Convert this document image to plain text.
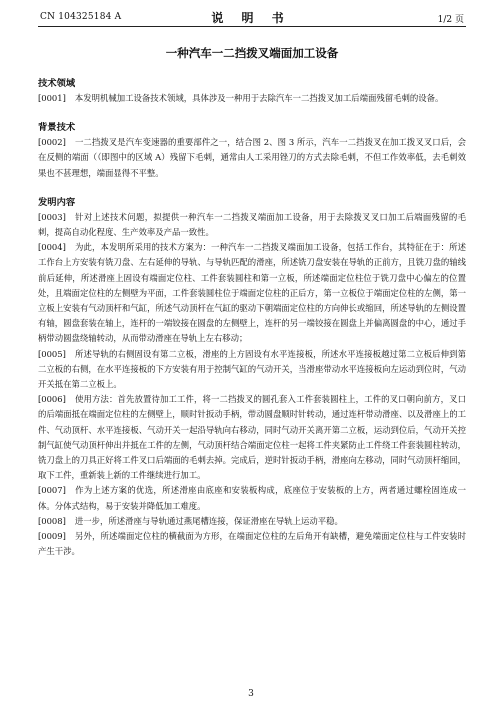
CN 104325184 A	说 明 书	1/2 页
一种汽车一二挡拨叉端面加工设备
技术领域

[0001] 本发明机械加工设备技术领域，具体涉及一种用于去除汽车一二挡拨叉加工后端面残留毛刺的设备。

背景技术

[0002] 一二挡拨叉是汽车变速器的重要部件之一，结合图 2、图 3 所示，汽车一二挡拨叉在加工拨叉叉口后，会在反侧的端面（（即图中的区域 A）残留下毛刺，通常由人工采用锉刀的方式去除毛刺，不但工作效率低，去毛刺效果也不甚理想，端面显得不平整。

发明内容

[0003] 针对上述技术问题，拟提供一种汽车一二挡拨叉端面加工设备，用于去除拨叉叉口加工后端面残留的毛刺，提高自动化程度、生产效率及产品一致性。

[0004] 为此，本发明所采用的技术方案为：一种汽车一二挡拨叉端面加工设备，包括工作台，其特征在于：所述工作台上方安装有铣刀盘、左右延伸的导轨、与导轨匹配的滑座，所述铣刀盘安装在导轨的正前方，且铣刀盘的轴线前后延伸，所述滑座上固设有端面定位柱、工件套装圆柱和第一立板，所述端面定位柱位于铣刀盘中心偏左的位置处，且端面定位柱的左侧壁为平面，工件套装圆柱位于端面定位柱的正后方，第一立板位于端面定位柱的左侧，第一立板上安装有气动顶杆和气缸，所述气动顶杆在气缸的驱动下朝端面定位柱的方向伸长或缩回，所述导轨的左侧设置有轴，圆盘套装在轴上，连杆的一端铰接在圆盘的左侧壁上，连杆的另一端铰接在圆盘上并偏离圆盘的中心，通过手柄带动圆盘绕轴转动，从而带动滑座在导轨上左右移动；

[0005] 所述导轨的右侧固设有第二立板，滑座的上方固设有水平连接板，所述水平连接板越过第二立板后伸到第二立板的右侧，在水平连接板的下方安装有用于控制气缸的气动开关，当滑座带动水平连接板向左运动到位时，气动开关抵在第二立板上。

[0006] 使用方法：首先放置待加工工件，将一二挡拨叉的圆孔套入工件套装圆柱上，工件的叉口朝向前方，叉口的后端面抵在端面定位柱的左侧壁上，顺时针扳动手柄，带动圆盘顺时针转动，通过连杆带动滑座、以及滑座上的工件、气动顶杆、水平连接板、气动开关一起沿导轨向右移动，同时气动开关离开第二立板，运动到位后，气动开关控制气缸使气动顶杆伸出并抵在工件的左侧，气动顶杆结合端面定位柱一起将工件夹紧防止工件绕工件套装圆柱转动，铣刀盘上的刀具正好将工件叉口后端面的毛刺去掉。完成后，逆时针扳动手柄，滑座向左移动，同时气动顶杆缩回，取下工件，重新装上新的工件继续进行加工。

[0007] 作为上述方案的优选，所述滑座由底座和安装板构成，底座位于安装板的上方，两者通过螺栓固连成一体。分体式结构，易于安装并降低加工难度。

[0008] 进一步，所述滑座与导轨通过燕尾槽连接，保证滑座在导轨上运动平稳。

[0009] 另外，所述端面定位柱的横截面为方形，在端面定位柱的左后角开有缺槽，避免端面定位柱与工件安装时产生干涉。

3
